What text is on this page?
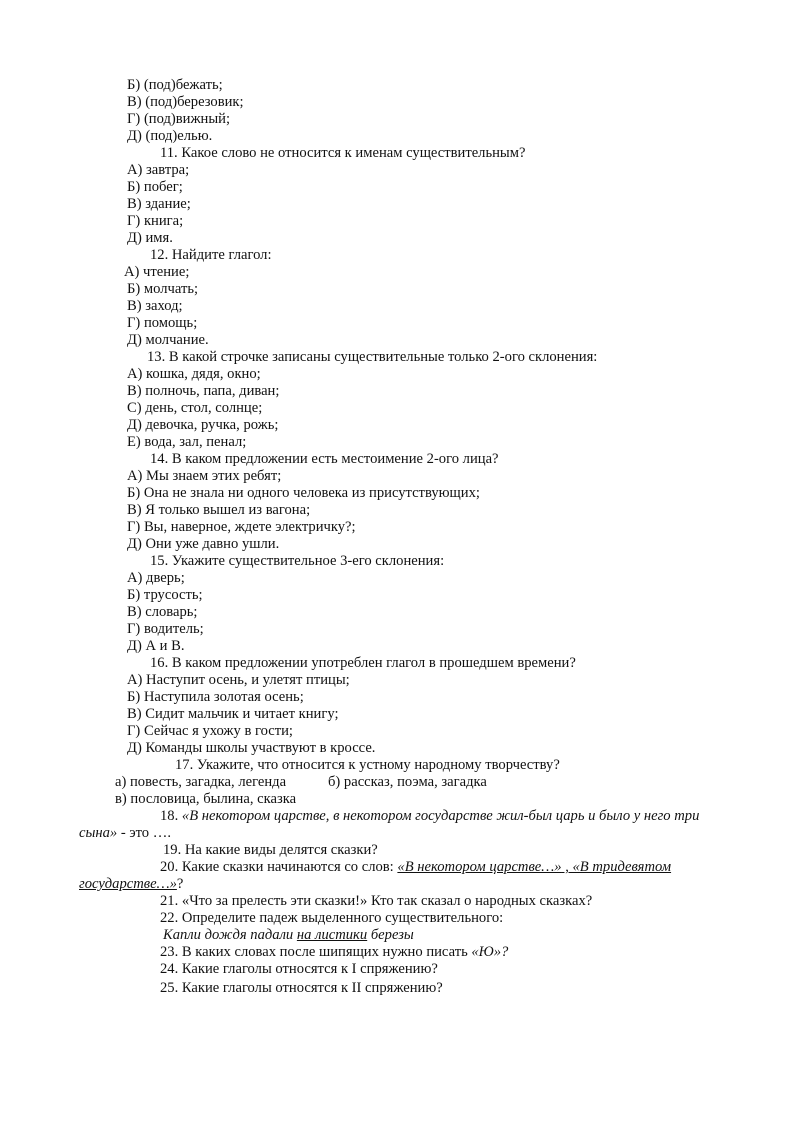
Б) (под)бежать;
В) (под)березовик;
Г) (под)вижный;
Д) (под)елью.
11. Какое слово не относится к именам существительным?
А) завтра;
Б) побег;
В) здание;
Г) книга;
Д) имя.
12. Найдите глагол:
А) чтение;
Б) молчать;
В) заход;
Г) помощь;
Д) молчание.
13. В какой строчке записаны существительные только 2-ого склонения:
А) кошка, дядя, окно;
В) полночь, папа, диван;
С) день, стол, солнце;
Д) девочка, ручка, рожь;
Е) вода, зал, пенал;
14. В каком предложении есть местоимение 2-ого лица?
А) Мы знаем этих ребят;
Б) Она не знала ни одного человека из присутствующих;
В) Я только вышел из вагона;
Г) Вы, наверное, ждете электричку?;
Д) Они уже давно ушли.
15. Укажите существительное 3-его склонения:
А) дверь;
Б) трусость;
В) словарь;
Г) водитель;
Д) А и В.
16. В каком предложении употреблен глагол в прошедшем времени?
А) Наступит осень, и улетят птицы;
Б) Наступила золотая осень;
В) Сидит мальчик и читает книгу;
Г) Сейчас я ухожу в гости;
Д) Команды школы участвуют в кроссе.
17. Укажите, что относится к устному народному творчеству?
а) повесть, загадка, легенда	б) рассказ, поэма, загадка
в) пословица, былина, сказка
18. «В некотором царстве, в некотором государстве жил-был царь и было у него три
сына» - это ….
19. На какие виды делятся сказки?
20. Какие сказки начинаются со слов: «В некотором царстве…» , «В тридевятом
государстве…»?
21. «Что за прелесть эти сказки!» Кто так сказал о народных сказках?
22. Определите падеж выделенного существительного:
Капли дождя падали на листики березы
23. В каких словах после шипящих нужно писать «Ю»?
24. Какие глаголы относятся к I спряжению?
25. Какие глаголы относятся к II спряжению?
